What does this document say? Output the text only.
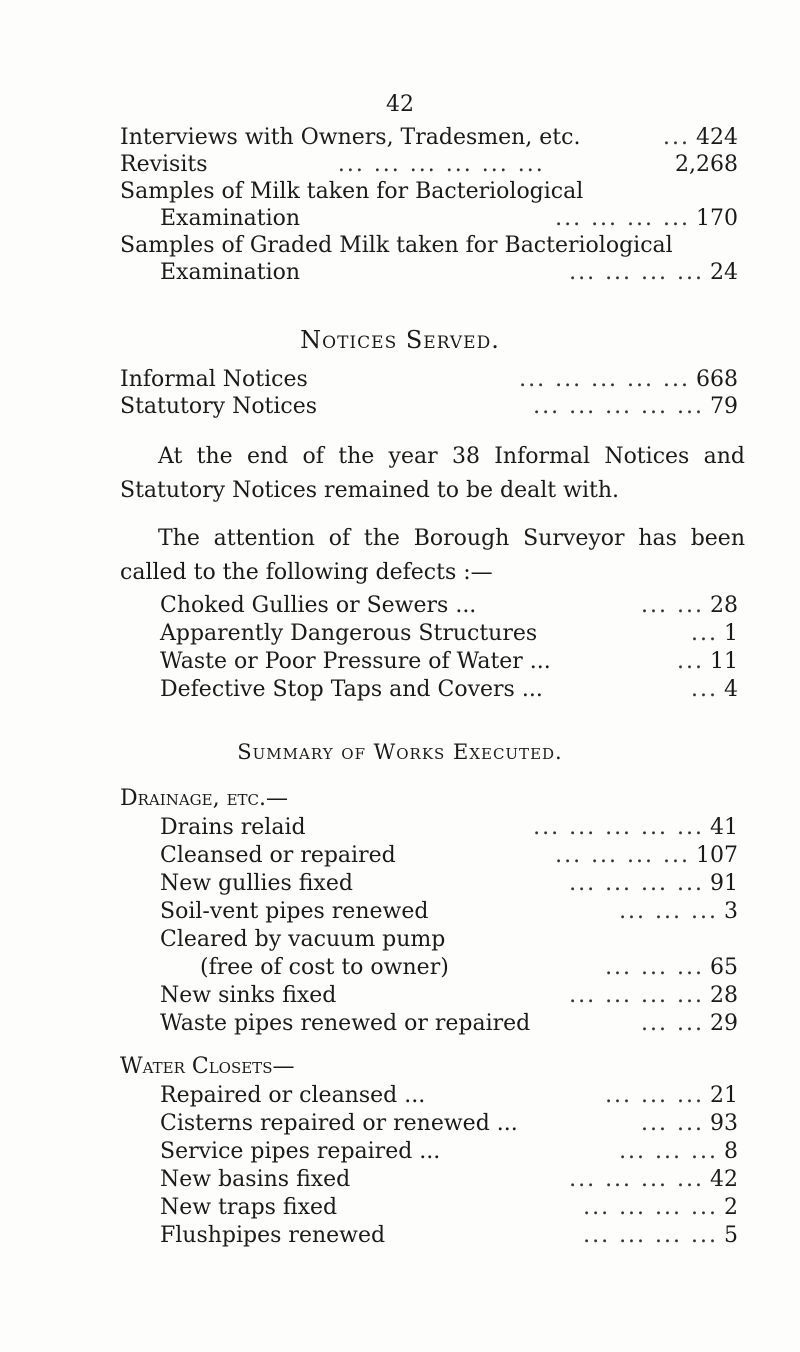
42
Interviews with Owners, Tradesmen, etc.	... 424
Revisits	... ... ... ... ... ...	2,268
Samples of Milk taken for Bacteriological
Examination	... ... ... ... 170
Samples of Graded Milk taken for Bacteriological
Examination	... ... ... ... 24
Notices Served.
Informal Notices	... ... ... ... ... 668
Statutory Notices	... ... ... ... ... 79
At the end of the year 38 Informal Notices and Statutory Notices remained to be dealt with.
The attention of the Borough Surveyor has been called to the following defects :—
Choked Gullies or Sewers ...	... ... 28
Apparently Dangerous Structures	... 1
Waste or Poor Pressure of Water ...	... 11
Defective Stop Taps and Covers ...	... 4
Summary of Works Executed.
Drainage, etc.—
Drains relaid	... ... ... ... ... 41
Cleansed or repaired	... ... ... ... 107
New gullies fixed	... ... ... ... 91
Soil-vent pipes renewed	... ... ... 3
Cleared by vacuum pump
(free of cost to owner)	... ... ... 65
New sinks fixed	... ... ... ... 28
Waste pipes renewed or repaired	... ... 29
Water Closets—
Repaired or cleansed ...	... ... ... 21
Cisterns repaired or renewed ...	... ... 93
Service pipes repaired ...	... ... ... 8
New basins fixed	... ... ... ... 42
New traps fixed	... ... ... ... 2
Flushpipes renewed	... ... ... ... 5
